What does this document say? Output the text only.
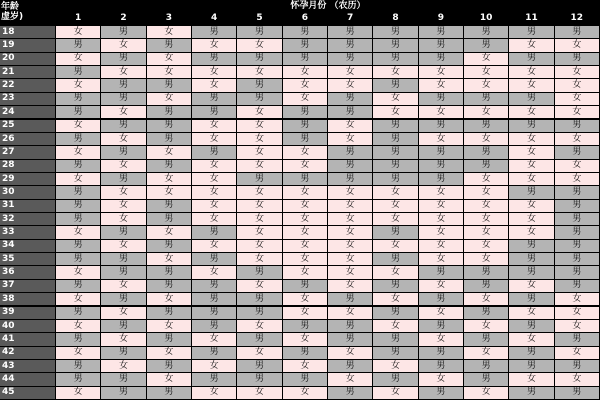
年龄
虚岁)
怀孕月份 （农历）
1	2	3	4	5	6	7	8	9	10	11	12
18	女	男	女	男	男	男	男	男	男	男	男	男
19	男	女	男	女	女	男	男	男	男	男	女	女
20	女	男	女	男	男	男	男	男	男	女	男	男
21	男	女	女	女	女	女	女	女	女	女	女	女
22	女	男	男	女	男	女	女	男	女	女	女	女
23	男	男	女	男	男	女	男	女	男	男	男	女
24	男	女	男	男	女	男	男	女	女	女	女	女
25	女	男	男	女	女	男	女	男	男	男	男	男
26	男	女	男	女	女	男	女	男	女	女	女	女
27	女	男	女	男	女	女	男	男	男	男	女	男
28	男	女	男	女	女	女	男	男	男	男	女	女
29	女	男	女	女	男	男	男	男	男	女	女	女
30	男	女	女	女	女	女	女	女	女	女	男	男
31	男	女	男	女	女	女	女	女	女	女	女	男
32	男	女	男	女	女	女	女	女	女	女	女	男
33	女	男	女	男	女	女	女	男	女	女	女	男
34	男	女	男	女	女	女	女	女	女	女	男	男
35	男	男	女	男	女	女	女	男	女	女	男	男
36	女	男	男	女	男	女	女	女	男	男	男	男
37	男	女	男	男	女	男	女	男	女	男	女	男
38	女	男	女	男	男	女	男	女	男	女	男	女
39	男	女	男	男	男	女	女	男	女	男	女	女
40	女	男	女	男	女	男	男	女	男	女	男	女
41	男	女	男	女	男	女	男	男	女	男	女	男
42	女	男	女	男	女	男	女	男	男	女	男	女
43	男	女	男	女	男	女	男	女	男	男	男	男
44	男	男	女	男	男	男	女	男	女	男	女	女
45	女	男	男	女	女	女	男	女	男	女	男	男
